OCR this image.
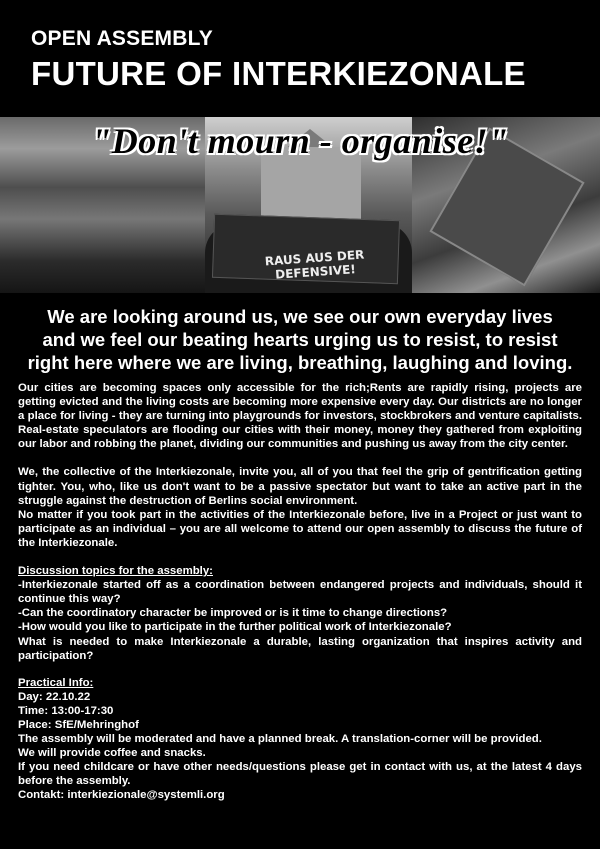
OPEN ASSEMBLY
FUTURE OF INTERKIEZONALE
RAUS AUS DER DEFENSIVE!
"Don't mourn - organise!"
We are looking around us, we see our own everyday lives
and we feel our beating hearts urging us to resist, to resist
right here where we are living, breathing, laughing and loving.

Our cities are becoming spaces only accessible for the rich;Rents are rapidly rising, projects are getting evicted and the living costs are becoming more expensive every day. Our districts are no longer a place for living - they are turning into playgrounds for investors, stockbrokers and venture capitalists. Real-estate speculators are flooding our cities with their money, money they gathered from exploiting our labor and robbing the planet, dividing our communities and pushing us away from the city center.

We, the collective of the Interkiezonale, invite you, all of you that feel the grip of gentrification getting tighter. You, who, like us don't want to be a passive spectator but want to take an active part in the struggle against the destruction of Berlins social environment.

No matter if you took part in the activities of the Interkiezonale before, live in a Project or just want to participate as an individual – you are all welcome to attend our open assembly to discuss the future of the Interkiezonale.

Discussion topics for the assembly:

-Interkiezonale started off as a coordination between endangered projects and individuals, should it continue this way?

-Can the coordinatory character be improved or is it time to change directions?

-How would you like to participate in the further political work of Interkiezonale?

What is needed to make Interkiezonale a durable, lasting organization that inspires activity and participation?

Practical Info:
Day: 22.10.22
Time: 13:00-17:30
Place: SfE/Mehringhof

The assembly will be moderated and have a planned break. A translation-corner will be provided.

We will provide coffee and snacks.

If you need childcare or have other needs/questions please get in contact with us, at the latest 4 days before the assembly.

Contakt: interkiezionale@systemli.org
